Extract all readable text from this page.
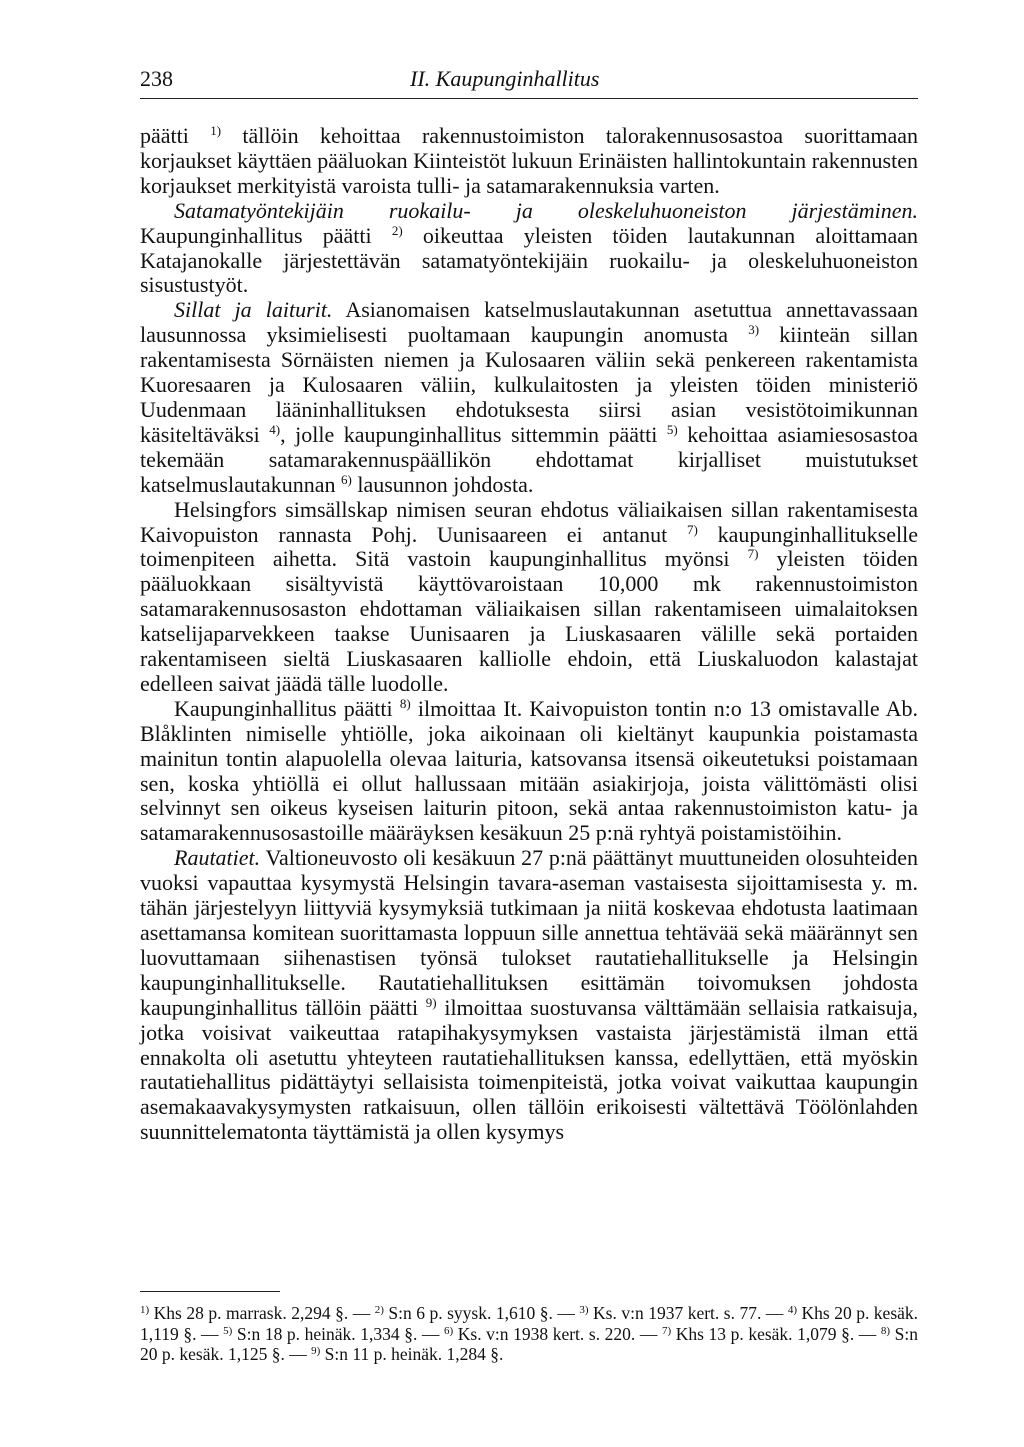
238	II. Kaupunginhallitus

päätti $^{1)}$ tällöin kehoittaa rakennustoimiston talorakennusosastoa suorittamaan korjaukset käyttäen pääluokan Kiinteistöt lukuun Erinäisten hallintokuntain rakennusten korjaukset merkityistä varoista tulli- ja satamarakennuksia varten.

Satamatyöntekijäin ruokailu- ja oleskeluhuoneiston järjestäminen. Kaupunginhallitus päätti $^{2)}$ oikeuttaa yleisten töiden lautakunnan aloittamaan Katajanokalle järjestettävän satamatyöntekijäin ruokailu- ja oleskeluhuoneiston sisustustyöt.

Sillat ja laiturit. Asianomaisen katselmuslautakunnan asetuttua annettavassaan lausunnossa yksimielisesti puoltamaan kaupungin anomusta $^{3)}$ kiinteän sillan rakentamisesta Sörnäisten niemen ja Kulosaaren väliin sekä penkereen rakentamista Kuoresaaren ja Kulosaaren väliin, kulkulaitosten ja yleisten töiden ministeriö Uudenmaan lääninhallituksen ehdotuksesta siirsi asian vesistötoimikunnan käsiteltäväksi $^{4)}$, jolle kaupunginhallitus sittemmin päätti $^{5)}$ kehoittaa asiamiesosastoa tekemään satamarakennuspäällikön ehdottamat kirjalliset muistutukset katselmuslautakunnan $^{6)}$ lausunnon johdosta.

Helsingfors simsällskap nimisen seuran ehdotus väliaikaisen sillan rakentamisesta Kaivopuiston rannasta Pohj. Uunisaareen ei antanut $^{7)}$ kaupunginhallitukselle toimenpiteen aihetta. Sitä vastoin kaupunginhallitus myönsi $^{7)}$ yleisten töiden pääluokkaan sisältyvistä käyttövaroistaan 10,000 mk rakennustoimiston satamarakennusosaston ehdottaman väliaikaisen sillan rakentamiseen uimalaitoksen katselijaparvekkeen taakse Uunisaaren ja Liuskasaaren välille sekä portaiden rakentamiseen sieltä Liuskasaaren kalliolle ehdoin, että Liuskaluodon kalastajat edelleen saivat jäädä tälle luodolle.

Kaupunginhallitus päätti $^{8)}$ ilmoittaa It. Kaivopuiston tontin n:o 13 omistavalle Ab. Blåklinten nimiselle yhtiölle, joka aikoinaan oli kieltänyt kaupunkia poistamasta mainitun tontin alapuolella olevaa laituria, katsovansa itsensä oikeutetuksi poistamaan sen, koska yhtiöllä ei ollut hallussaan mitään asiakirjoja, joista välittömästi olisi selvinnyt sen oikeus kyseisen laiturin pitoon, sekä antaa rakennustoimiston katu- ja satamarakennusosastoille määräyksen kesäkuun 25 p:nä ryhtyä poistamistöihin.

Rautatiet. Valtioneuvosto oli kesäkuun 27 p:nä päättänyt muuttuneiden olosuhteiden vuoksi vapauttaa kysymystä Helsingin tavara-aseman vastaisesta sijoittamisesta y. m. tähän järjestelyyn liittyviä kysymyksiä tutkimaan ja niitä koskevaa ehdotusta laatimaan asettamansa komitean suorittamasta loppuun sille annettua tehtävää sekä määrännyt sen luovuttamaan siihenastisen työnsä tulokset rautatiehallitukselle ja Helsingin kaupunginhallitukselle. Rautatiehallituksen esittämän toivomuksen johdosta kaupunginhallitus tällöin päätti $^{9)}$ ilmoittaa suostuvansa välttämään sellaisia ratkaisuja, jotka voisivat vaikeuttaa ratapihakysymyksen vastaista järjestämistä ilman että ennakolta oli asetuttu yhteyteen rautatiehallituksen kanssa, edellyttäen, että myöskin rautatiehallitus pidättäytyi sellaisista toimenpiteistä, jotka voivat vaikuttaa kaupungin asemakaavakysymysten ratkaisuun, ollen tällöin erikoisesti vältettävä Töölönlahden suunnittelematonta täyttämistä ja ollen kysymys

$^{1)}$ Khs 28 p. marrask. 2,294 §. — $^{2)}$ S:n 6 p. syysk. 1,610 §. — $^{3)}$ Ks. v:n 1937 kert. s. 77. — $^{4)}$ Khs 20 p. kesäk. 1,119 §. — $^{5)}$ S:n 18 p. heinäk. 1,334 §. — $^{6)}$ Ks. v:n 1938 kert. s. 220. — $^{7)}$ Khs 13 p. kesäk. 1,079 §. — $^{8)}$ S:n 20 p. kesäk. 1,125 §. — $^{9)}$ S:n 11 p. heinäk. 1,284 §.
